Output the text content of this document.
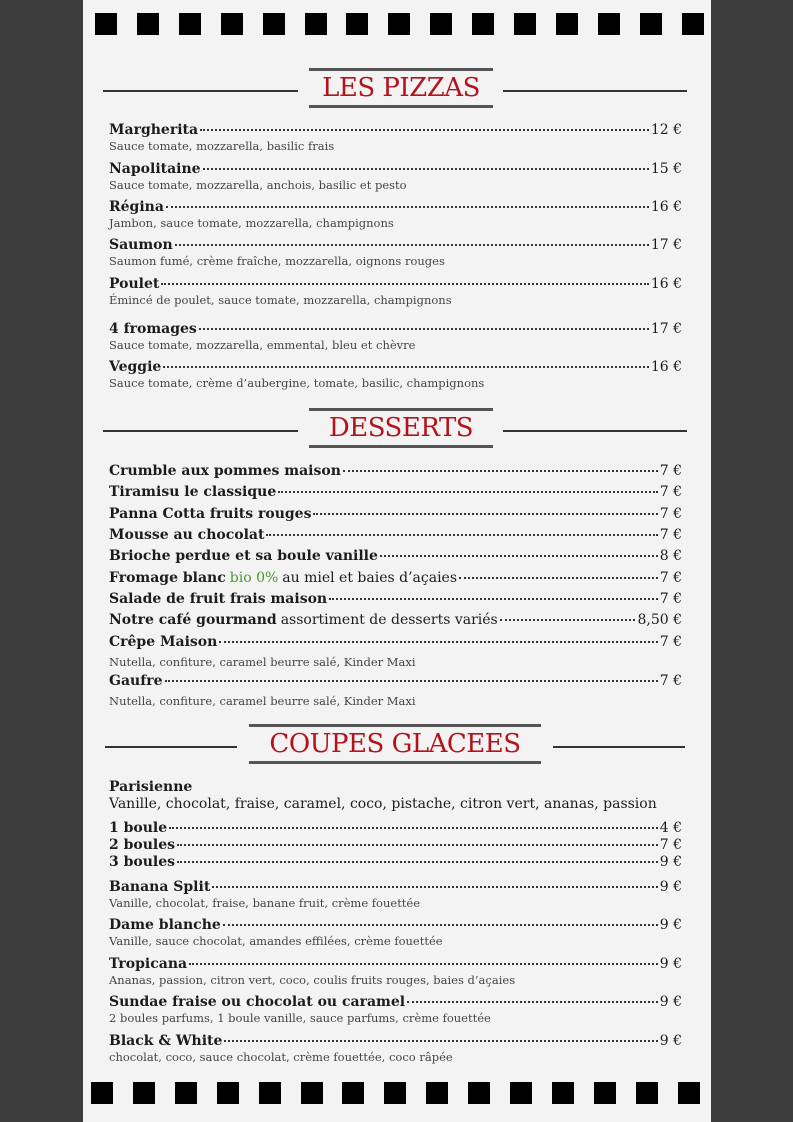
LES PIZZAS
Margherita	12 €
Sauce tomate, mozzarella, basilic frais
Napolitaine	15 €
Sauce tomate, mozzarella, anchois, basilic et pesto
Régina	16 €
Jambon, sauce tomate, mozzarella, champignons
Saumon	17 €
Saumon fumé, crème fraîche, mozzarella, oignons rouges
Poulet	16 €
Émincé de poulet, sauce tomate, mozzarella, champignons
4 fromages	17 €
Sauce tomate, mozzarella, emmental, bleu et chèvre
Veggie	16 €
Sauce tomate, crème d’aubergine, tomate, basilic, champignons
DESSERTS
Crumble aux pommes maison	7 €
Tiramisu le classique	7 €
Panna Cotta fruits rouges	7 €
Mousse au chocolat	7 €
Brioche perdue et sa boule vanille	8 €
Fromage blanc bio 0% au miel et baies d’açaies	7 €
Salade de fruit frais maison	7 €
Notre café gourmand assortiment de desserts variés	8,50 €
Crêpe Maison	7 €
Nutella, confiture, caramel beurre salé, Kinder Maxi
Gaufre	7 €
Nutella, confiture, caramel beurre salé, Kinder Maxi
COUPES GLACEES
Parisienne
Vanille, chocolat, fraise, caramel, coco, pistache, citron vert, ananas, passion
1 boule	4 €
2 boules	7 €
3 boules	9 €
Banana Split	9 €
Vanille, chocolat, fraise, banane fruit, crème fouettée
Dame blanche	9 €
Vanille, sauce chocolat, amandes effilées, crème fouettée
Tropicana	9 €
Ananas, passion, citron vert, coco, coulis fruits rouges, baies d’açaies
Sundae fraise ou chocolat ou caramel	9 €
2 boules parfums, 1 boule vanille, sauce parfums, crème fouettée
Black & White	9 €
chocolat, coco, sauce chocolat, crème fouettée, coco râpée
